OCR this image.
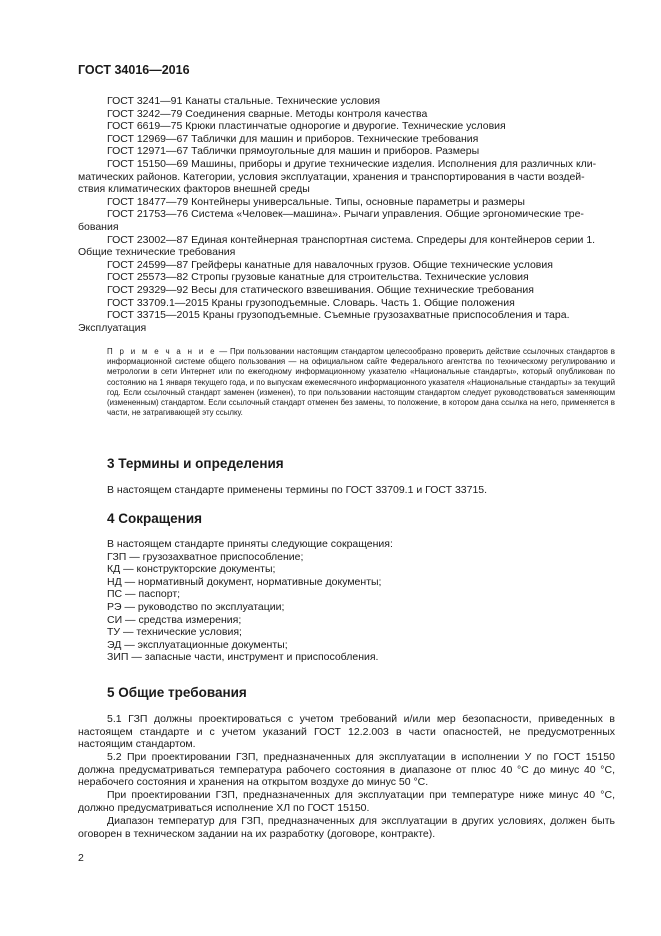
ГОСТ 34016—2016
ГОСТ 3241—91 Канаты стальные. Технические условия
ГОСТ 3242—79 Соединения сварные. Методы контроля качества
ГОСТ 6619—75 Крюки пластинчатые однорогие и двурогие. Технические условия
ГОСТ 12969—67 Таблички для машин и приборов. Технические требования
ГОСТ 12971—67 Таблички прямоугольные для машин и приборов. Размеры
ГОСТ 15150—69 Машины, приборы и другие технические изделия. Исполнения для различных кли-
матических районов. Категории, условия эксплуатации, хранения и транспортирования в части воздей-
ствия климатических факторов внешней среды
ГОСТ 18477—79 Контейнеры универсальные. Типы, основные параметры и размеры
ГОСТ 21753—76 Система «Человек—машина». Рычаги управления. Общие эргономические тре-
бования
ГОСТ 23002—87 Единая контейнерная транспортная система. Спредеры для контейнеров серии 1.
Общие технические требования
ГОСТ 24599—87 Грейферы канатные для навалочных грузов. Общие технические условия
ГОСТ 25573—82 Стропы грузовые канатные для строительства. Технические условия
ГОСТ 29329—92 Весы для статического взвешивания. Общие технические требования
ГОСТ 33709.1—2015 Краны грузоподъемные. Словарь. Часть 1. Общие положения
ГОСТ 33715—2015 Краны грузоподъемные. Съемные грузозахватные приспособления и тара.
Эксплуатация
П р и м е ч а н и е — При пользовании настоящим стандартом целесообразно проверить действие ссылочных стандартов в информационной системе общего пользования — на официальном сайте Федерального агентства по техническому регулированию и метрологии в сети Интернет или по ежегодному информационному указателю «Национальные стандарты», который опубликован по состоянию на 1 января текущего года, и по выпускам ежемесячного информационного указателя «Национальные стандарты» за текущий год. Если ссылочный стандарт заменен (изменен), то при пользовании настоящим стандартом следует руководствоваться заменяющим (измененным) стандартом. Если ссылочный стандарт отменен без замены, то положение, в котором дана ссылка на него, применяется в части, не затрагивающей эту ссылку.
3 Термины и определения
В настоящем стандарте применены термины по ГОСТ 33709.1 и ГОСТ 33715.
4 Сокращения
В настоящем стандарте приняты следующие сокращения:
ГЗП — грузозахватное приспособление;
КД — конструкторские документы;
НД — нормативный документ, нормативные документы;
ПС — паспорт;
РЭ — руководство по эксплуатации;
СИ — средства измерения;
ТУ — технические условия;
ЭД — эксплуатационные документы;
ЗИП — запасные части, инструмент и приспособления.
5 Общие требования
5.1 ГЗП должны проектироваться с учетом требований и/или мер безопасности, приведенных в настоящем стандарте и с учетом указаний ГОСТ 12.2.003 в части опасностей, не предусмотренных настоящим стандартом.
5.2 При проектировании ГЗП, предназначенных для эксплуатации в исполнении У по ГОСТ 15150 должна предусматриваться температура рабочего состояния в диапазоне от плюс 40 °С до минус 40 °С, нерабочего состояния и хранения на открытом воздухе до минус 50 °С.
При проектировании ГЗП, предназначенных для эксплуатации при температуре ниже минус 40 °С, должно предусматриваться исполнение ХЛ по ГОСТ 15150.
Диапазон температур для ГЗП, предназначенных для эксплуатации в других условиях, должен быть оговорен в техническом задании на их разработку (договоре, контракте).
2
